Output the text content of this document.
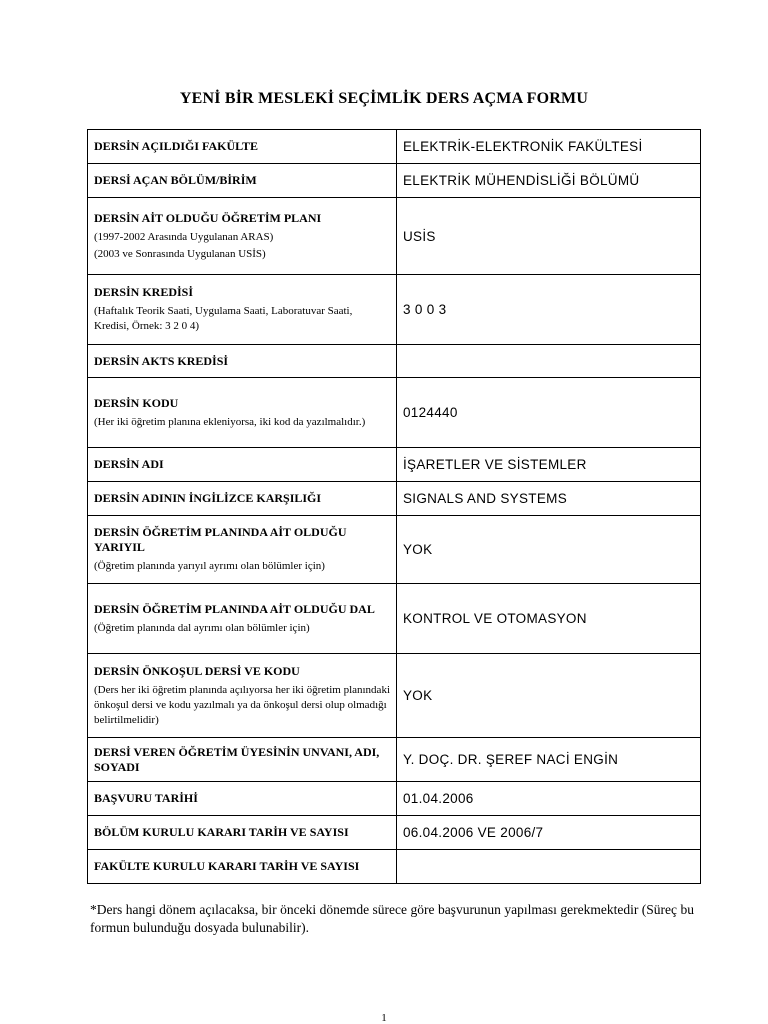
YENİ BİR MESLEKİ SEÇİMLİK DERS AÇMA FORMU
DERSİN AÇILDIĞI FAKÜLTE	ELEKTRİK-ELEKTRONİK FAKÜLTESİ

DERSİ AÇAN BÖLÜM/BİRİM	ELEKTRİK MÜHENDİSLİĞİ BÖLÜMÜ

DERSİN AİT OLDUĞU ÖĞRETİM PLANI
(1997-2002 Arasında Uygulanan ARAS)
(2003 ve Sonrasında Uygulanan USİS)	USİS

DERSİN KREDİSİ
(Haftalık Teorik Saati, Uygulama Saati, Laboratuvar Saati, Kredisi, Örnek: 3 2 0 4)	3 0 0 3

DERSİN AKTS KREDİSİ	

DERSİN KODU
(Her iki öğretim planına ekleniyorsa, iki kod da yazılmalıdır.)	0124440

DERSİN ADI	İŞARETLER VE SİSTEMLER

DERSİN ADININ İNGİLİZCE KARŞILIĞI	SIGNALS AND SYSTEMS

DERSİN ÖĞRETİM PLANINDA AİT OLDUĞU YARIYIL
(Öğretim planında yarıyıl ayrımı olan bölümler için)	YOK

DERSİN ÖĞRETİM PLANINDA AİT OLDUĞU DAL
(Öğretim planında dal ayrımı olan bölümler için)	KONTROL VE OTOMASYON

DERSİN ÖNKOŞUL DERSİ VE KODU
(Ders her iki öğretim planında açılıyorsa her iki öğretim planındaki önkoşul dersi ve kodu yazılmalı ya da önkoşul dersi olup olmadığı belirtilmelidir)	YOK

DERSİ VEREN ÖĞRETİM ÜYESİNİN UNVANI, ADI, SOYADI	Y. DOÇ. DR. ŞEREF NACİ ENGİN

BAŞVURU TARİHİ	01.04.2006

BÖLÜM KURULU KARARI TARİH VE SAYISI	06.04.2006 VE 2006/7

FAKÜLTE KURULU KARARI TARİH VE SAYISI	

*Ders hangi dönem açılacaksa, bir önceki dönemde sürece göre başvurunun yapılması gerekmektedir (Süreç bu formun bulunduğu dosyada bulunabilir).
1
